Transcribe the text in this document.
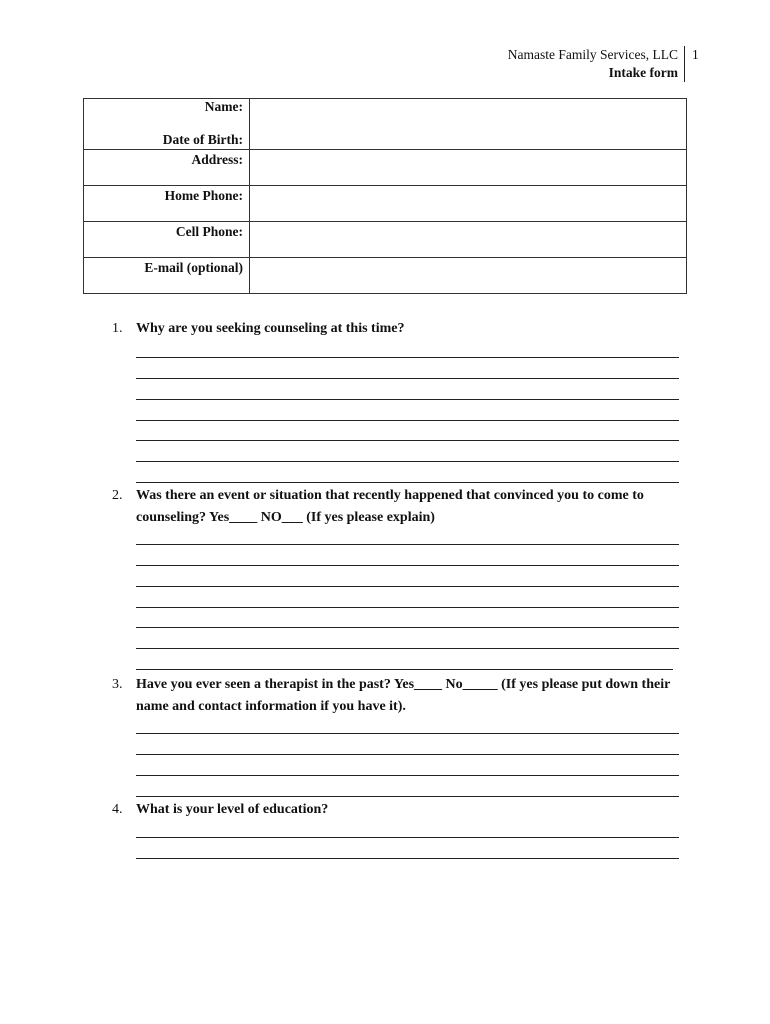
Namaste Family Services, LLC
Intake form
1
Name:
Date of Birth:	

Address:	
Home Phone:	
Cell Phone:	
E-mail (optional)	
1. Why are you seeking counseling at this time?
2. Was there an event or situation that recently happened that convinced you to come to counseling? Yes____ NO___ (If yes please explain)
3. Have you ever seen a therapist in the past? Yes____ No_____ (If yes please put down their name and contact information if you have it).
4. What is your level of education?
